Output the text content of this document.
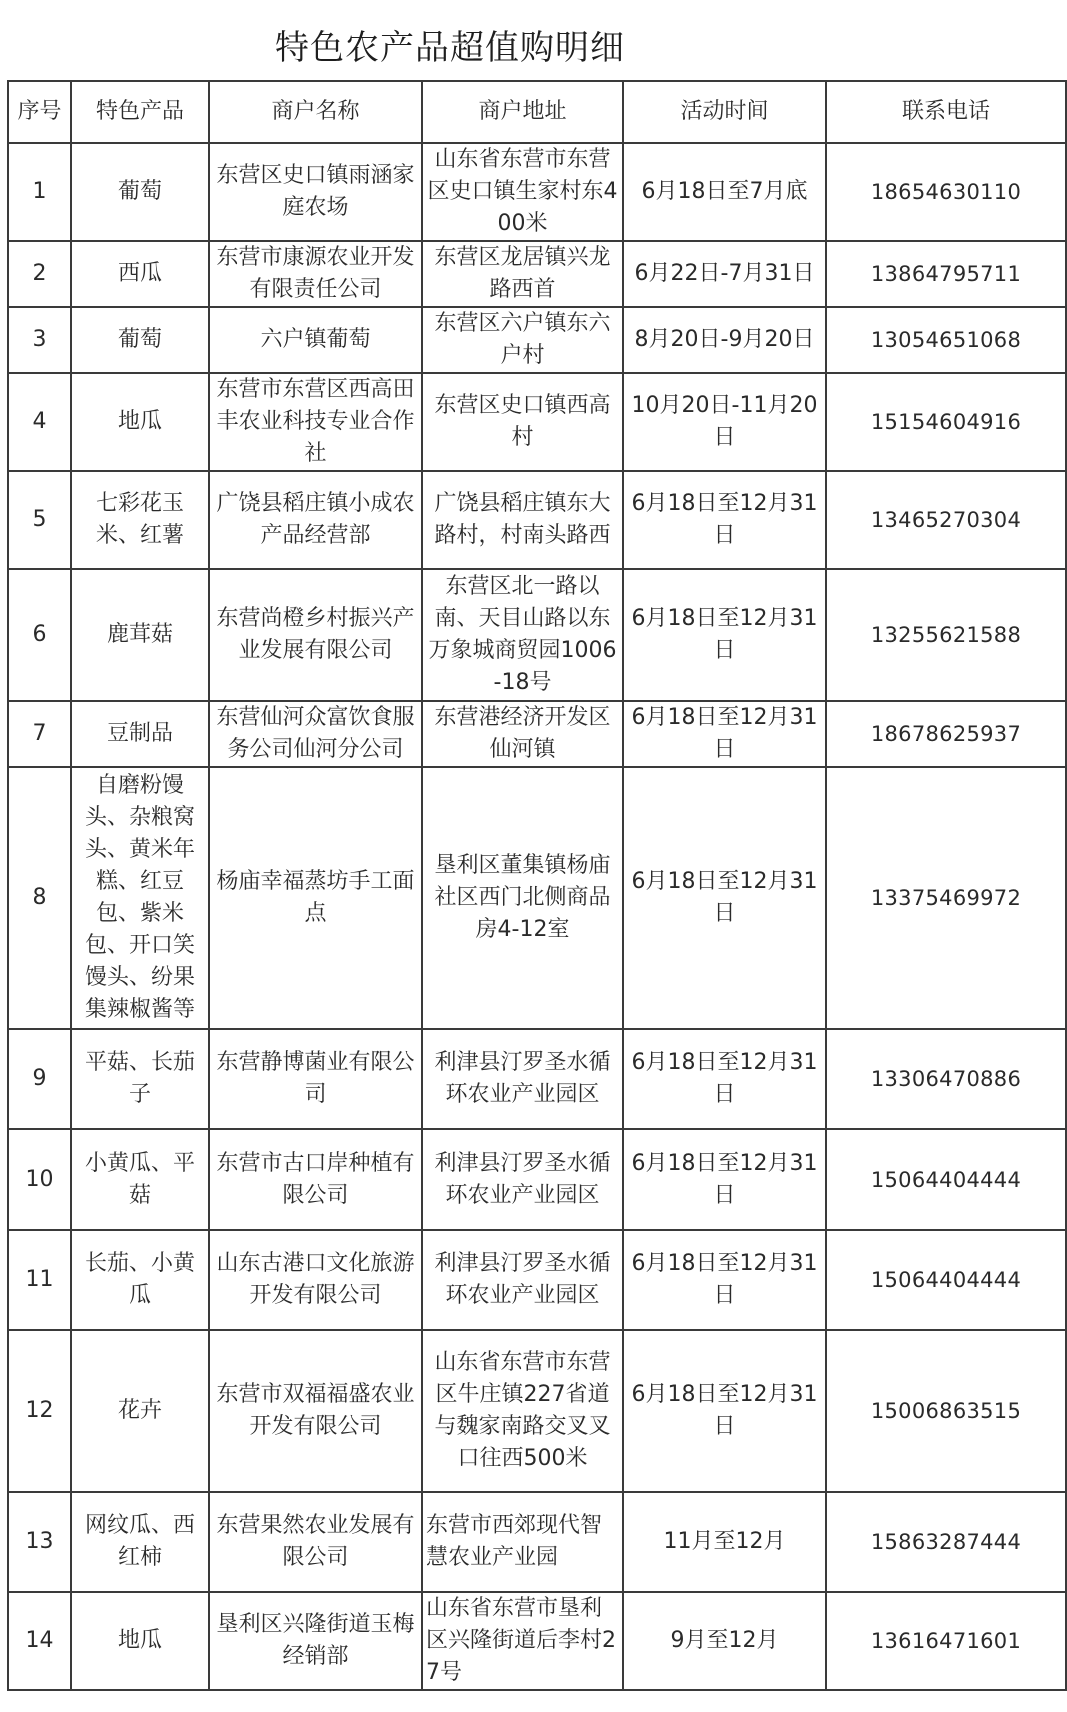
特色农产品超值购明细
序号	特色产品	商户名称	商户地址	活动时间	联系电话
1	葡萄	东营区史口镇雨涵家庭农场	山东省东营市东营区史口镇生家村东400米	6月18日至7月底	18654630110
2	西瓜	东营市康源农业开发有限责任公司	东营区龙居镇兴龙路西首	6月22日-7月31日	13864795711
3	葡萄	六户镇葡萄	东营区六户镇东六户村	8月20日-9月20日	13054651068
4	地瓜	东营市东营区西高田丰农业科技专业合作社	东营区史口镇西高村	10月20日-11月20日	15154604916
5	七彩花玉米、红薯	广饶县稻庄镇小成农产品经营部	广饶县稻庄镇东大路村，村南头路西	6月18日至12月31日	13465270304
6	鹿茸菇	东营尚橙乡村振兴产业发展有限公司	东营区北一路以南、天目山路以东万象城商贸园1006-18号	6月18日至12月31日	13255621588
7	豆制品	东营仙河众富饮食服务公司仙河分公司	东营港经济开发区仙河镇	6月18日至12月31日	18678625937
8	自磨粉馒头、杂粮窝头、黄米年糕、红豆包、紫米包、开口笑馒头、纷果集辣椒酱等	杨庙幸福蒸坊手工面点	垦利区董集镇杨庙社区西门北侧商品房4-12室	6月18日至12月31日	13375469972
9	平菇、长茄子	东营静博菌业有限公司	利津县汀罗圣水循环农业产业园区	6月18日至12月31日	13306470886
10	小黄瓜、平菇	东营市古口岸种植有限公司	利津县汀罗圣水循环农业产业园区	6月18日至12月31日	15064404444
11	长茄、小黄瓜	山东古港口文化旅游开发有限公司	利津县汀罗圣水循环农业产业园区	6月18日至12月31日	15064404444
12	花卉	东营市双福福盛农业开发有限公司	山东省东营市东营区牛庄镇227省道与魏家南路交叉叉口往西500米	6月18日至12月31日	15006863515
13	网纹瓜、西红柿	东营果然农业发展有限公司	东营市西郊现代智慧农业产业园	11月至12月	15863287444
14	地瓜	垦利区兴隆街道玉梅经销部	山东省东营市垦利区兴隆街道后李村27号	9月至12月	13616471601
